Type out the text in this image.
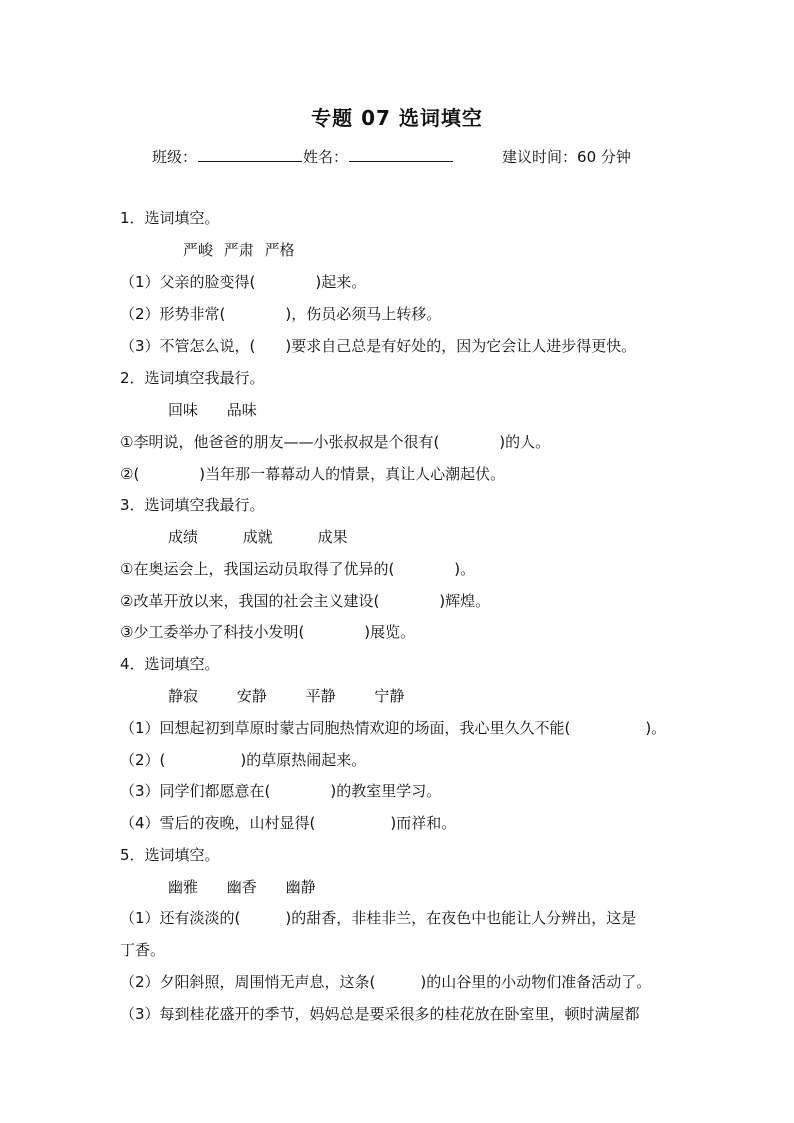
专题 07 选词填空
班级：	姓名：	建议时间：60 分钟
1．选词填空。
严峻 严肃 严格
（1）父亲的脸变得(　　　　)起来。
（2）形势非常(　　　　)，伤员必须马上转移。
（3）不管怎么说，(　　)要求自己总是有好处的，因为它会让人进步得更快。
2．选词填空我最行。
回味 品味
①李明说，他爸爸的朋友——小张叔叔是个很有(　　　　)的人。
②(　　　　)当年那一幕幕动人的情景，真让人心潮起伏。
3．选词填空我最行。
成绩	成就	成果
①在奥运会上，我国运动员取得了优异的(　　　　)。
②改革开放以来，我国的社会主义建设(　　　　)辉煌。
③少工委举办了科技小发明(　　　　)展览。
4．选词填空。
静寂	安静	平静	宁静
（1）回想起初到草原时蒙古同胞热情欢迎的场面，我心里久久不能(　　　　　)。
（2）(　　　　　)的草原热闹起来。
（3）同学们都愿意在(　　　　)的教室里学习。
（4）雪后的夜晚，山村显得(　　　　　)而祥和。
5．选词填空。
幽雅 幽香 幽静
（1）还有淡淡的(　　　)的甜香，非桂非兰，在夜色中也能让人分辨出，这是
丁香。
（2）夕阳斜照，周围悄无声息，这条(　　　)的山谷里的小动物们准备活动了。
（3）每到桂花盛开的季节，妈妈总是要采很多的桂花放在卧室里，顿时满屋都
